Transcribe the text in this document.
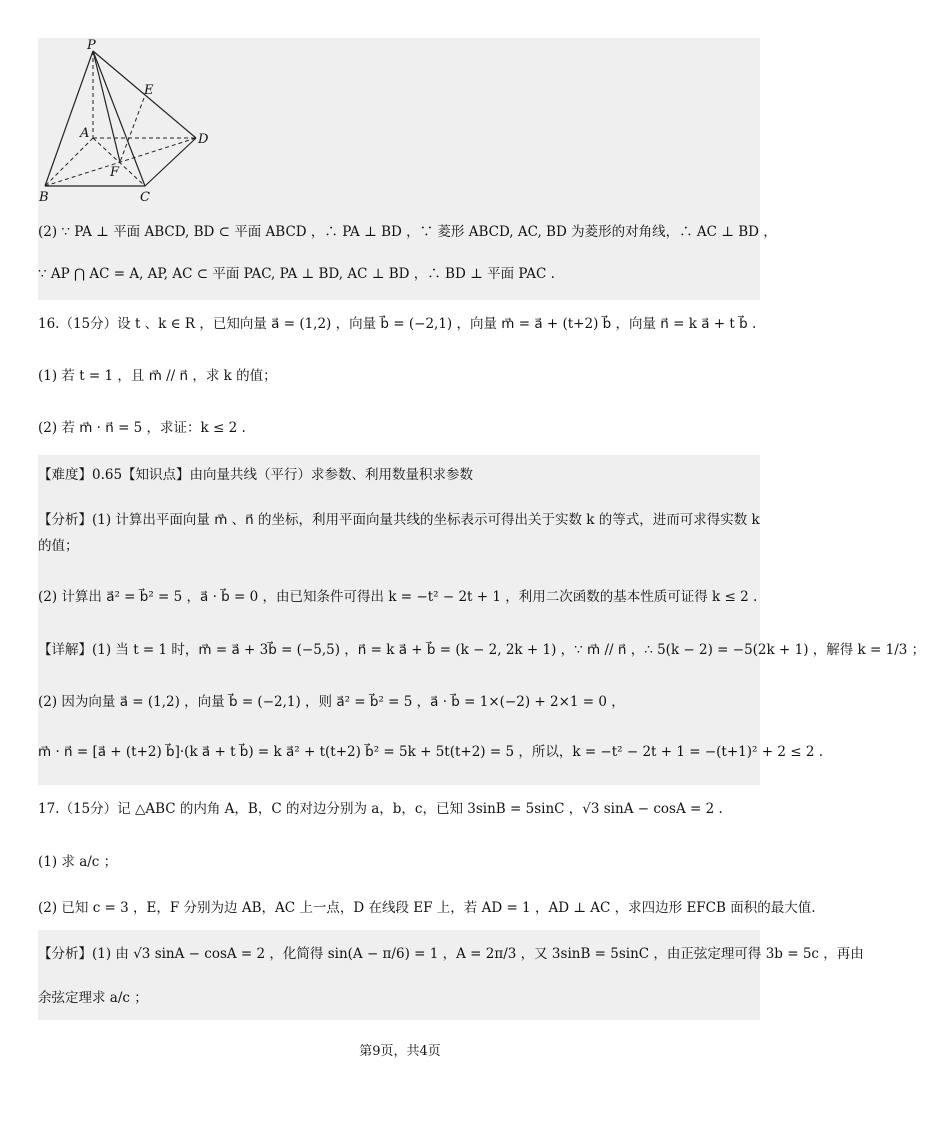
P
E
A	D
F
B	C
(2) ∵ PA ⊥ 平面 ABCD, BD ⊂ 平面 ABCD ，∴ PA ⊥ BD ，∵ 菱形 ABCD, AC, BD 为菱形的对角线，∴ AC ⊥ BD ，
∵ AP ⋂ AC = A, AP, AC ⊂ 平面 PAC, PA ⊥ BD, AC ⊥ BD ，∴ BD ⊥ 平面 PAC .
16.（15分）设 t 、k ∈ R ，已知向量 a⃗ = (1,2) ，向量 b⃗ = (−2,1) ，向量 m⃗ = a⃗ + (t+2) b⃗ ，向量 n⃗ = k a⃗ + t b⃗ .
(1) 若 t = 1 ，且 m⃗ // n⃗ ，求 k 的值；
(2) 若 m⃗ · n⃗ = 5 ，求证：k ≤ 2 .
【难度】0.65【知识点】由向量共线（平行）求参数、利用数量积求参数
【分析】(1) 计算出平面向量 m⃗ 、n⃗ 的坐标，利用平面向量共线的坐标表示可得出关于实数 k 的等式，进而可求得实数 k 的值；
(2) 计算出 a⃗² = b⃗² = 5 ，a⃗ · b⃗ = 0 ，由已知条件可得出 k = −t² − 2t + 1 ，利用二次函数的基本性质可证得 k ≤ 2 .
【详解】(1) 当 t = 1 时，m⃗ = a⃗ + 3b⃗ = (−5,5) ，n⃗ = k a⃗ + b⃗ = (k − 2, 2k + 1) ，∵ m⃗ // n⃗ ，∴ 5(k − 2) = −5(2k + 1) ，解得 k = 1/3 ；
(2) 因为向量 a⃗ = (1,2) ，向量 b⃗ = (−2,1) ，则 a⃗² = b⃗² = 5 ，a⃗ · b⃗ = 1×(−2) + 2×1 = 0 ，
m⃗ · n⃗ = [a⃗ + (t+2) b⃗]·(k a⃗ + t b⃗) = k a⃗² + t(t+2) b⃗² = 5k + 5t(t+2) = 5 ，所以，k = −t² − 2t + 1 = −(t+1)² + 2 ≤ 2 .
17.（15分）记 △ABC 的内角 A，B，C 的对边分别为 a，b，c，已知 3sinB = 5sinC ，√3 sinA − cosA = 2 .
(1) 求 a/c ；
(2) 已知 c = 3 ，E，F 分别为边 AB，AC 上一点，D 在线段 EF 上，若 AD = 1 ，AD ⊥ AC ，求四边形 EFCB 面积的最大值.
【分析】(1) 由 √3 sinA − cosA = 2 ，化简得 sin(A − π/6) = 1 ，A = 2π/3 ，又 3sinB = 5sinC ，由正弦定理可得 3b = 5c ，再由
余弦定理求 a/c ；
第9页，共4页
